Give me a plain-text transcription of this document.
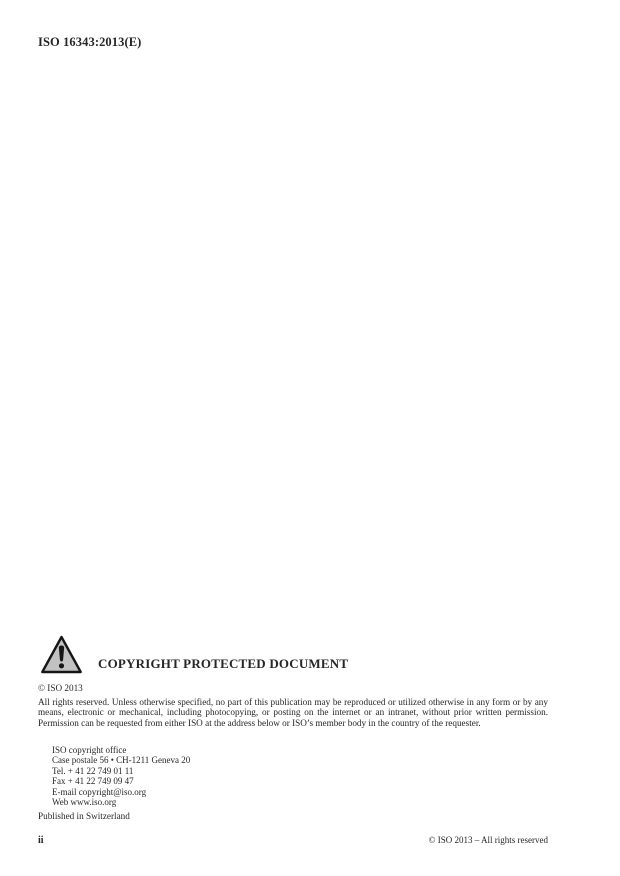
ISO 16343:2013(E)
COPYRIGHT PROTECTED DOCUMENT
© ISO 2013
All rights reserved. Unless otherwise specified, no part of this publication may be reproduced or utilized otherwise in any form or by any means, electronic or mechanical, including photocopying, or posting on the internet or an intranet, without prior written permission. Permission can be requested from either ISO at the address below or ISO’s member body in the country of the requester.
ISO copyright office
Case postale 56 • CH-1211 Geneva 20
Tel. + 41 22 749 01 11
Fax + 41 22 749 09 47
E-mail copyright@iso.org
Web www.iso.org
Published in Switzerland
ii	© ISO 2013 – All rights reserved
